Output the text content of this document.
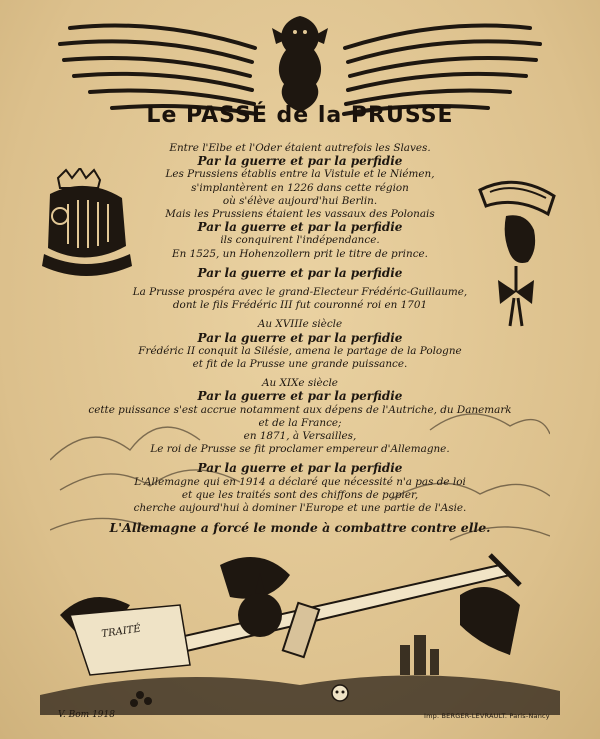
Le PASSÉ de la PRUSSE

Entre l'Elbe et l'Oder étaient autrefois les Slaves.

Par la guerre et par la perfidie

Les Prussiens établis entre la Vistule et le Niémen,

s'implantèrent en 1226 dans cette région

où s'élève aujourd'hui Berlin.

Mais les Prussiens étaient les vassaux des Polonais

Par la guerre et par la perfidie

ils conquirent l'indépendance.

En 1525, un Hohenzollern prit le titre de prince.

Par la guerre et par la perfidie

La Prusse prospéra avec le grand-Electeur Frédéric-Guillaume,

dont le fils Frédéric III fut couronné roi en 1701

Au XVIIIe siècle

Par la guerre et par la perfidie

Frédéric II conquit la Silésie, amena le partage de la Pologne

et fit de la Prusse une grande puissance.

Au XIXe siècle

Par la guerre et par la perfidie

cette puissance s'est accrue notamment aux dépens de l'Autriche, du Danemark

et de la France;

en 1871, à Versailles,

Le roi de Prusse se fit proclamer empereur d'Allemagne.

Par la guerre et par la perfidie

L'Allemagne qui en 1914 a déclaré que nécessité n'a pas de loi

et que les traités sont des chiffons de papier,

cherche aujourd'hui à dominer l'Europe et une partie de l'Asie.

L'Allemagne a forcé le monde à combattre contre elle.

TRAITÉ
V. Bom 1918	Imp. BERGER-LEVRAULT. Paris-Nancy
